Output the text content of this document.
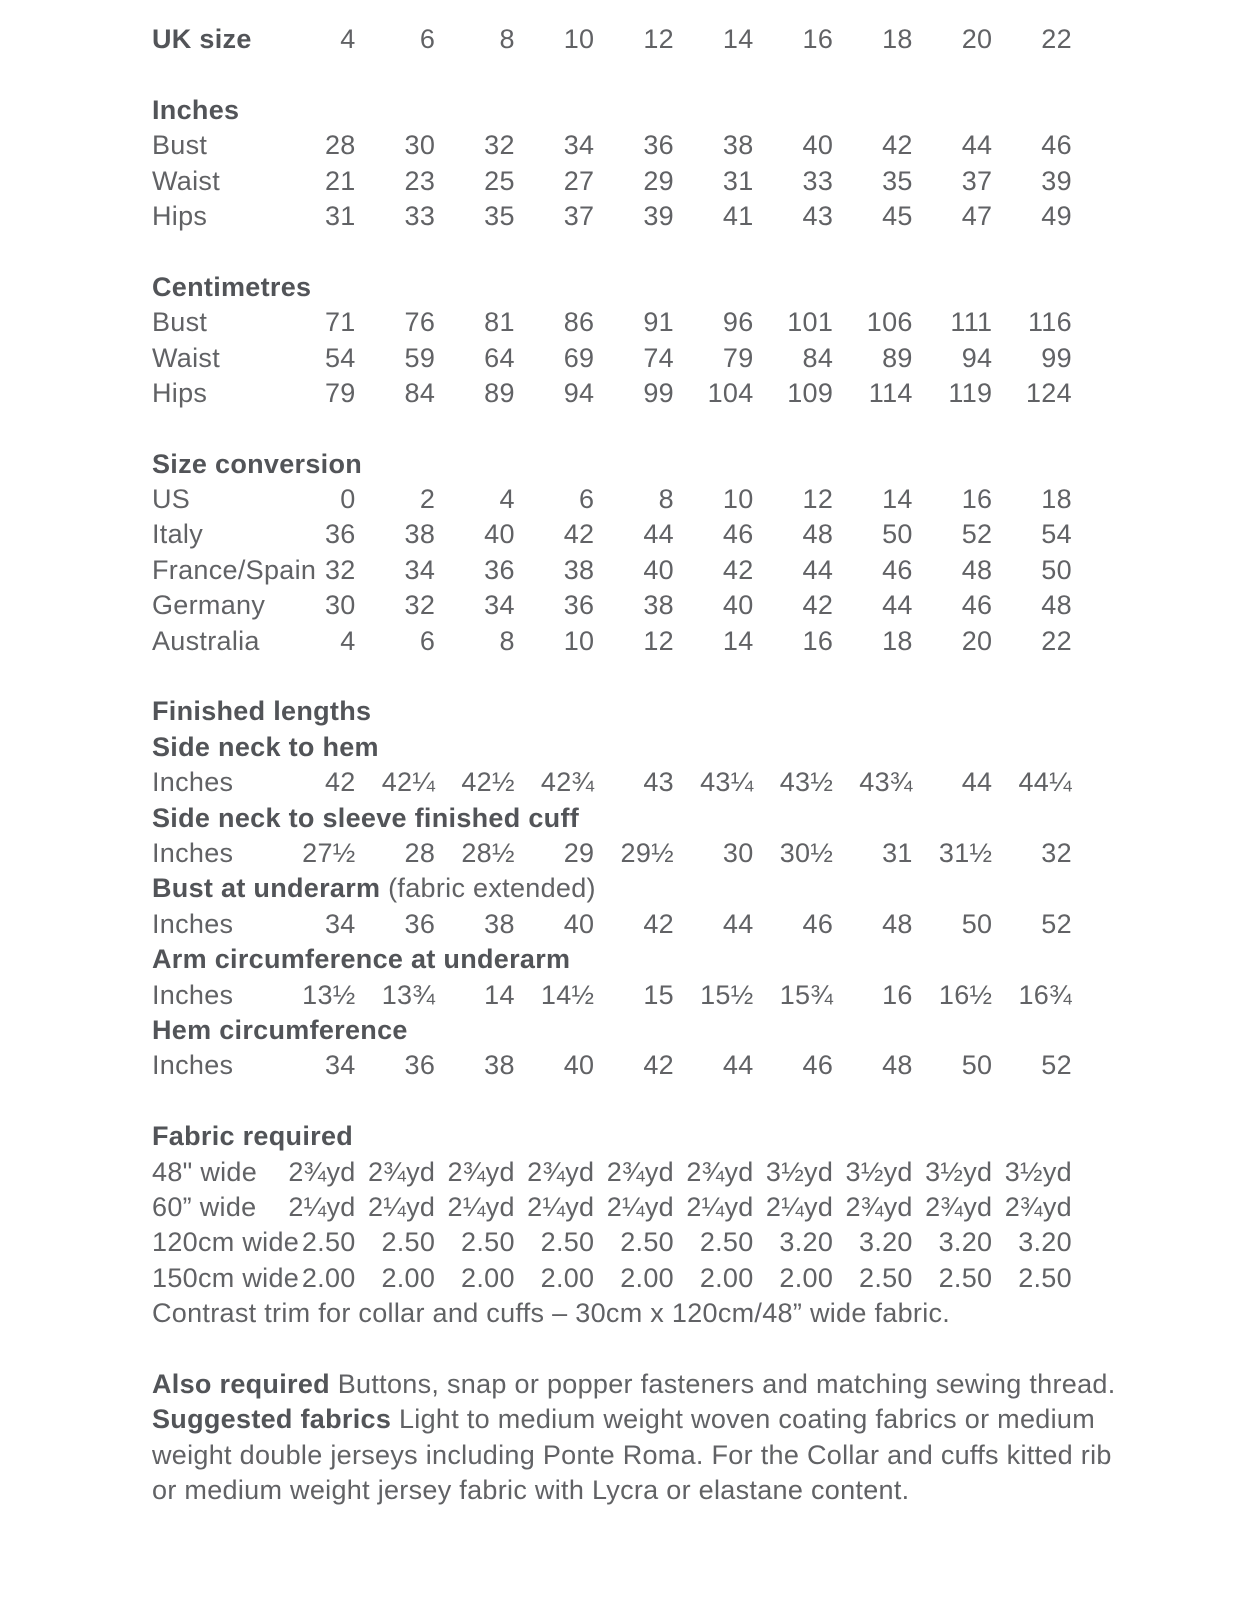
UK size	4	6	8	10	12	14	16	18	20	22
Inches
Bust	28	30	32	34	36	38	40	42	44	46
Waist	21	23	25	27	29	31	33	35	37	39
Hips	31	33	35	37	39	41	43	45	47	49
Centimetres
Bust	71	76	81	86	91	96	101	106	111	116
Waist	54	59	64	69	74	79	84	89	94	99
Hips	79	84	89	94	99	104	109	114	119	124
Size conversion
US	0	2	4	6	8	10	12	14	16	18
Italy	36	38	40	42	44	46	48	50	52	54
France/Spain 32	34	36	38	40	42	44	46	48	50
Germany	30	32	34	36	38	40	42	44	46	48
Australia	4	6	8	10	12	14	16	18	20	22
Finished lengths
Side neck to hem
Inches	42 42¼ 42½ 42¾	43 43¼ 43½ 43¾	44 44¼
Side neck to sleeve finished cuff
Inches	27½	28 28½	29 29½	30 30½	31 31½	32
Bust at underarm (fabric extended)
Inches	34	36	38	40	42	44	46	48	50	52
Arm circumference at underarm
Inches	13½ 13¾	14 14½	15 15½ 15¾	16 16½ 16¾
Hem circumference
Inches	34	36	38	40	42	44	46	48	50	52
Fabric required
48" wide	2¾yd 2¾yd 2¾yd 2¾yd 2¾yd 2¾yd 3½yd 3½yd 3½yd 3½yd
60” wide	2¼yd 2¼yd 2¼yd 2¼yd 2¼yd 2¼yd 2¼yd 2¾yd 2¾yd 2¾yd
120cm wide 2.50 2.50 2.50 2.50 2.50 2.50 3.20 3.20 3.20 3.20
150cm wide 2.00 2.00 2.00 2.00 2.00 2.00 2.00 2.50 2.50 2.50
Contrast trim for collar and cuffs – 30cm x 120cm/48” wide fabric.

Also required Buttons, snap or popper fasteners and matching sewing thread.

Suggested fabrics Light to medium weight woven coating fabrics or medium weight double jerseys including Ponte Roma. For the Collar and cuffs kitted rib or medium weight jersey fabric with Lycra or elastane content.
